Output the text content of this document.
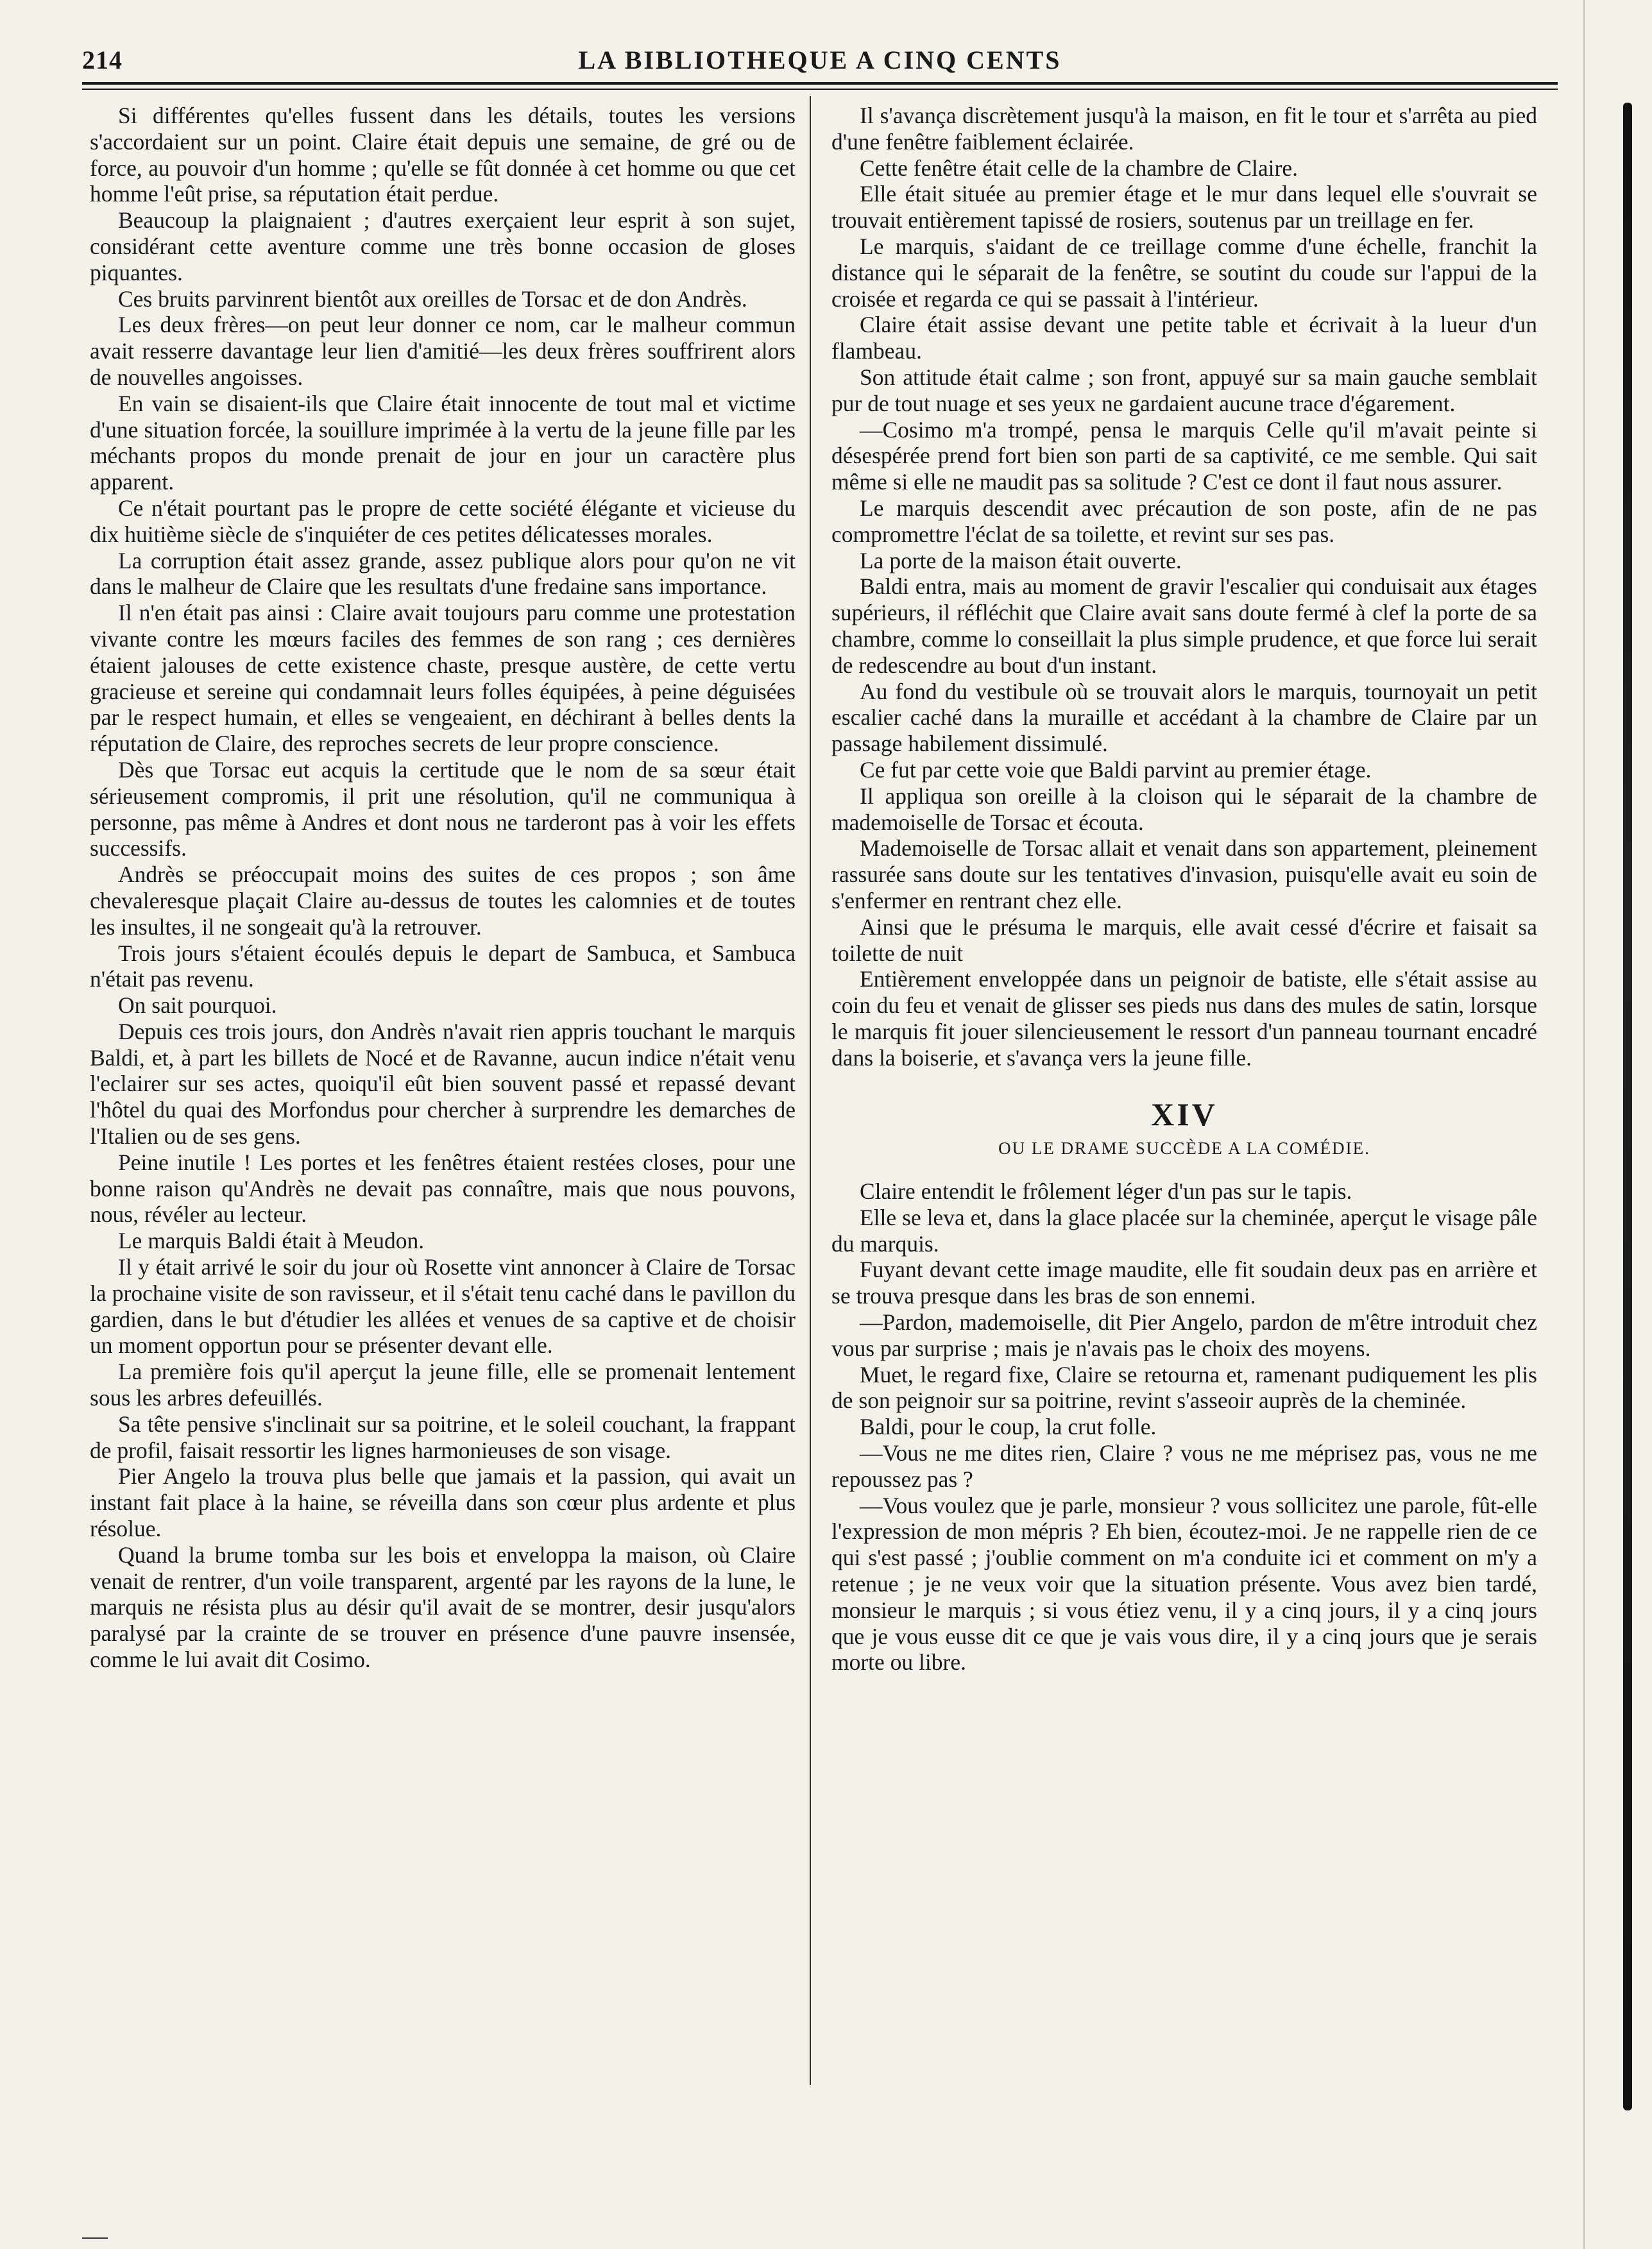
214	LA BIBLIOTHEQUE A CINQ CENTS

Si différentes qu'elles fussent dans les détails, toutes les versions s'accordaient sur un point. Claire était depuis une semaine, de gré ou de force, au pouvoir d'un homme ; qu'elle se fût donnée à cet homme ou que cet homme l'eût prise, sa réputation était perdue.

Beaucoup la plaignaient ; d'autres exerçaient leur esprit à son sujet, considérant cette aventure comme une très bonne occasion de gloses piquantes.

Ces bruits parvinrent bientôt aux oreilles de Torsac et de don Andrès.

Les deux frères—on peut leur donner ce nom, car le malheur commun avait resserre davantage leur lien d'amitié—les deux frères souffrirent alors de nouvelles angoisses.

En vain se disaient-ils que Claire était innocente de tout mal et victime d'une situation forcée, la souillure imprimée à la vertu de la jeune fille par les méchants propos du monde prenait de jour en jour un caractère plus apparent.

Ce n'était pourtant pas le propre de cette société élégante et vicieuse du dix huitième siècle de s'inquiéter de ces petites délicatesses morales.

La corruption était assez grande, assez publique alors pour qu'on ne vit dans le malheur de Claire que les resultats d'une fredaine sans importance.

Il n'en était pas ainsi : Claire avait toujours paru comme une protestation vivante contre les mœurs faciles des femmes de son rang ; ces dernières étaient jalouses de cette existence chaste, presque austère, de cette vertu gracieuse et sereine qui condamnait leurs folles équipées, à peine déguisées par le respect humain, et elles se vengeaient, en déchirant à belles dents la réputation de Claire, des reproches secrets de leur propre conscience.

Dès que Torsac eut acquis la certitude que le nom de sa sœur était sérieusement compromis, il prit une résolution, qu'il ne communiqua à personne, pas même à Andres et dont nous ne tarderont pas à voir les effets successifs.

Andrès se préoccupait moins des suites de ces propos ; son âme chevaleresque plaçait Claire au-dessus de toutes les calomnies et de toutes les insultes, il ne songeait qu'à la retrouver.

Trois jours s'étaient écoulés depuis le depart de Sambuca, et Sambuca n'était pas revenu.

On sait pourquoi.

Depuis ces trois jours, don Andrès n'avait rien appris touchant le marquis Baldi, et, à part les billets de Nocé et de Ravanne, aucun indice n'était venu l'eclairer sur ses actes, quoiqu'il eût bien souvent passé et repassé devant l'hôtel du quai des Morfondus pour chercher à surprendre les demarches de l'Italien ou de ses gens.

Peine inutile ! Les portes et les fenêtres étaient restées closes, pour une bonne raison qu'Andrès ne devait pas connaître, mais que nous pouvons, nous, révéler au lecteur.

Le marquis Baldi était à Meudon.

Il y était arrivé le soir du jour où Rosette vint annoncer à Claire de Torsac la prochaine visite de son ravisseur, et il s'était tenu caché dans le pavillon du gardien, dans le but d'étudier les allées et venues de sa captive et de choisir un moment opportun pour se présenter devant elle.

La première fois qu'il aperçut la jeune fille, elle se promenait lentement sous les arbres defeuillés.

Sa tête pensive s'inclinait sur sa poitrine, et le soleil couchant, la frappant de profil, faisait ressortir les lignes harmonieuses de son visage.

Pier Angelo la trouva plus belle que jamais et la passion, qui avait un instant fait place à la haine, se réveilla dans son cœur plus ardente et plus résolue.

Quand la brume tomba sur les bois et enveloppa la maison, où Claire venait de rentrer, d'un voile transparent, argenté par les rayons de la lune, le marquis ne résista plus au désir qu'il avait de se montrer, desir jusqu'alors paralysé par la crainte de se trouver en présence d'une pauvre insensée, comme le lui avait dit Cosimo.

Il s'avança discrètement jusqu'à la maison, en fit le tour et s'arrêta au pied d'une fenêtre faiblement éclairée.

Cette fenêtre était celle de la chambre de Claire.

Elle était située au premier étage et le mur dans lequel elle s'ouvrait se trouvait entièrement tapissé de rosiers, soutenus par un treillage en fer.

Le marquis, s'aidant de ce treillage comme d'une échelle, franchit la distance qui le séparait de la fenêtre, se soutint du coude sur l'appui de la croisée et regarda ce qui se passait à l'intérieur.

Claire était assise devant une petite table et écrivait à la lueur d'un flambeau.

Son attitude était calme ; son front, appuyé sur sa main gauche semblait pur de tout nuage et ses yeux ne gardaient aucune trace d'égarement.

—Cosimo m'a trompé, pensa le marquis Celle qu'il m'avait peinte si désespérée prend fort bien son parti de sa captivité, ce me semble. Qui sait même si elle ne maudit pas sa solitude ? C'est ce dont il faut nous assurer.

Le marquis descendit avec précaution de son poste, afin de ne pas compromettre l'éclat de sa toilette, et revint sur ses pas.

La porte de la maison était ouverte.

Baldi entra, mais au moment de gravir l'escalier qui conduisait aux étages supérieurs, il réfléchit que Claire avait sans doute fermé à clef la porte de sa chambre, comme lo conseillait la plus simple prudence, et que force lui serait de redescendre au bout d'un instant.

Au fond du vestibule où se trouvait alors le marquis, tournoyait un petit escalier caché dans la muraille et accédant à la chambre de Claire par un passage habilement dissimulé.

Ce fut par cette voie que Baldi parvint au premier étage.

Il appliqua son oreille à la cloison qui le séparait de la chambre de mademoiselle de Torsac et écouta.

Mademoiselle de Torsac allait et venait dans son appartement, pleinement rassurée sans doute sur les tentatives d'invasion, puisqu'elle avait eu soin de s'enfermer en rentrant chez elle.

Ainsi que le présuma le marquis, elle avait cessé d'écrire et faisait sa toilette de nuit

Entièrement enveloppée dans un peignoir de batiste, elle s'était assise au coin du feu et venait de glisser ses pieds nus dans des mules de satin, lorsque le marquis fit jouer silencieusement le ressort d'un panneau tournant encadré dans la boiserie, et s'avança vers la jeune fille.

XIV
OU LE DRAME SUCCÈDE A LA COMÉDIE.

Claire entendit le frôlement léger d'un pas sur le tapis.

Elle se leva et, dans la glace placée sur la cheminée, aperçut le visage pâle du marquis.

Fuyant devant cette image maudite, elle fit soudain deux pas en arrière et se trouva presque dans les bras de son ennemi.

—Pardon, mademoiselle, dit Pier Angelo, pardon de m'être introduit chez vous par surprise ; mais je n'avais pas le choix des moyens.

Muet, le regard fixe, Claire se retourna et, ramenant pudiquement les plis de son peignoir sur sa poitrine, revint s'asseoir auprès de la cheminée.

Baldi, pour le coup, la crut folle.

—Vous ne me dites rien, Claire ? vous ne me méprisez pas, vous ne me repoussez pas ?

—Vous voulez que je parle, monsieur ? vous sollicitez une parole, fût-elle l'expression de mon mépris ? Eh bien, écoutez-moi. Je ne rappelle rien de ce qui s'est passé ; j'oublie comment on m'a conduite ici et comment on m'y a retenue ; je ne veux voir que la situation présente. Vous avez bien tardé, monsieur le marquis ; si vous étiez venu, il y a cinq jours, il y a cinq jours que je vous eusse dit ce que je vais vous dire, il y a cinq jours que je serais morte ou libre.
